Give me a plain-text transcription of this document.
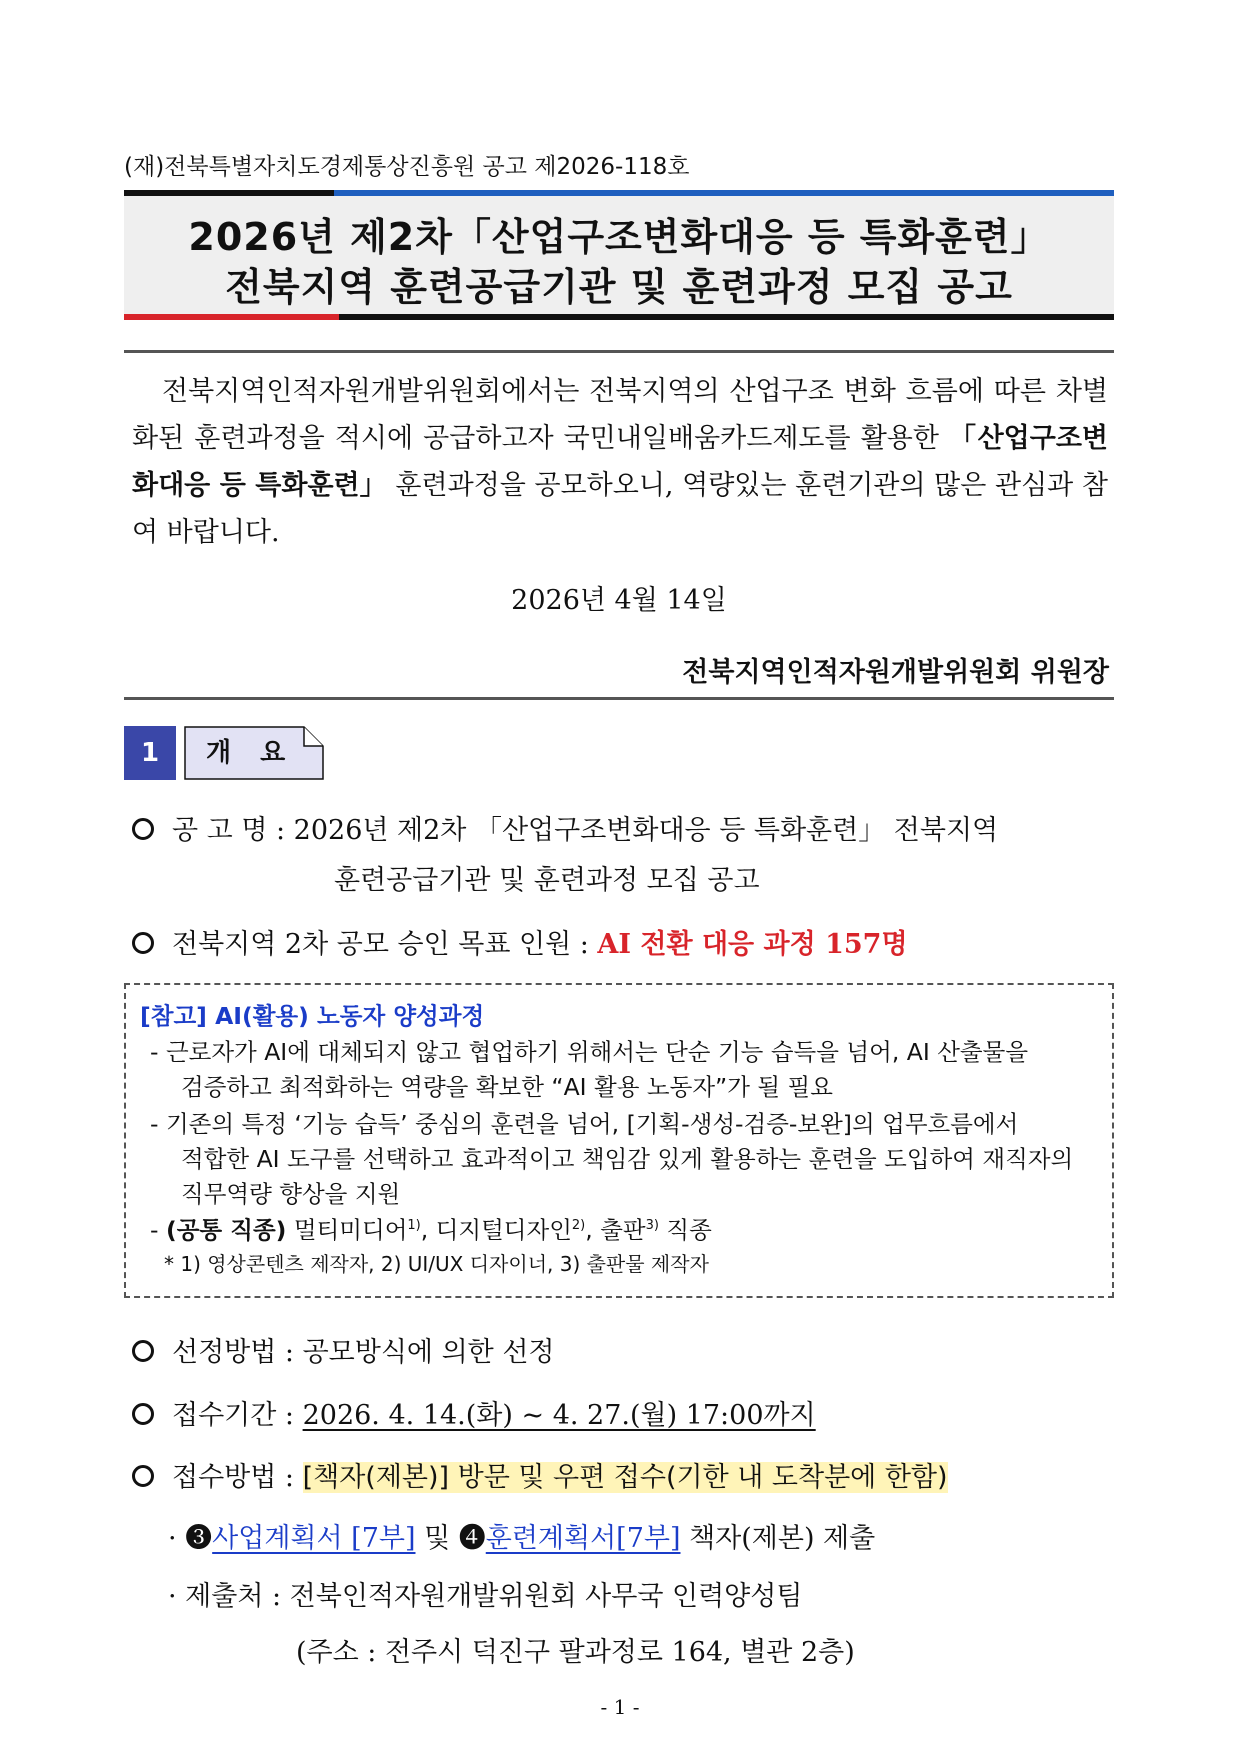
(재)전북특별자치도경제통상진흥원 공고 제2026-118호
2026년 제2차「산업구조변화대응 등 특화훈련」
전북지역 훈련공급기관 및 훈련과정 모집 공고
전북지역인적자원개발위원회에서는 전북지역의 산업구조 변화 흐름에 따른 차별화된 훈련과정을 적시에 공급하고자 국민내일배움카드제도를 활용한 「산업구조변화대응 등 특화훈련」 훈련과정을 공모하오니, 역량있는 훈련기관의 많은 관심과 참여 바랍니다.
2026년 4월 14일
전북지역인적자원개발위원회 위원장
1	개 요
공 고 명 : 2026년 제2차 「산업구조변화대응 등 특화훈련」 전북지역
훈련공급기관 및 훈련과정 모집 공고
전북지역 2차 공모 승인 목표 인원 : AI 전환 대응 과정 157명
[참고] AI(활용) 노동자 양성과정
- 근로자가 AI에 대체되지 않고 협업하기 위해서는 단순 기능 습득을 넘어, AI 산출물을
검증하고 최적화하는 역량을 확보한 “AI 활용 노동자”가 될 필요
- 기존의 특정 ‘기능 습득’ 중심의 훈련을 넘어, [기획-생성-검증-보완]의 업무흐름에서
적합한 AI 도구를 선택하고 효과적이고 책임감 있게 활용하는 훈련을 도입하여 재직자의
직무역량 향상을 지원
- (공통 직종) 멀티미디어$^{1)}$, 디지털디자인$^{2)}$, 출판$^{3)}$ 직종
* 1) 영상콘텐츠 제작자, 2) UI/UX 디자이너, 3) 출판물 제작자
선정방법 : 공모방식에 의한 선정
접수기간 : 2026. 4. 14.(화) ~ 4. 27.(월) 17:00까지
접수방법 : [책자(제본)] 방문 및 우편 접수(기한 내 도착분에 한함)
· ❸사업계획서 [7부] 및 ❹훈련계획서[7부] 책자(제본) 제출
· 제출처 : 전북인적자원개발위원회 사무국 인력양성팀
(주소 : 전주시 덕진구 팔과정로 164, 별관 2층)
- 1 -
